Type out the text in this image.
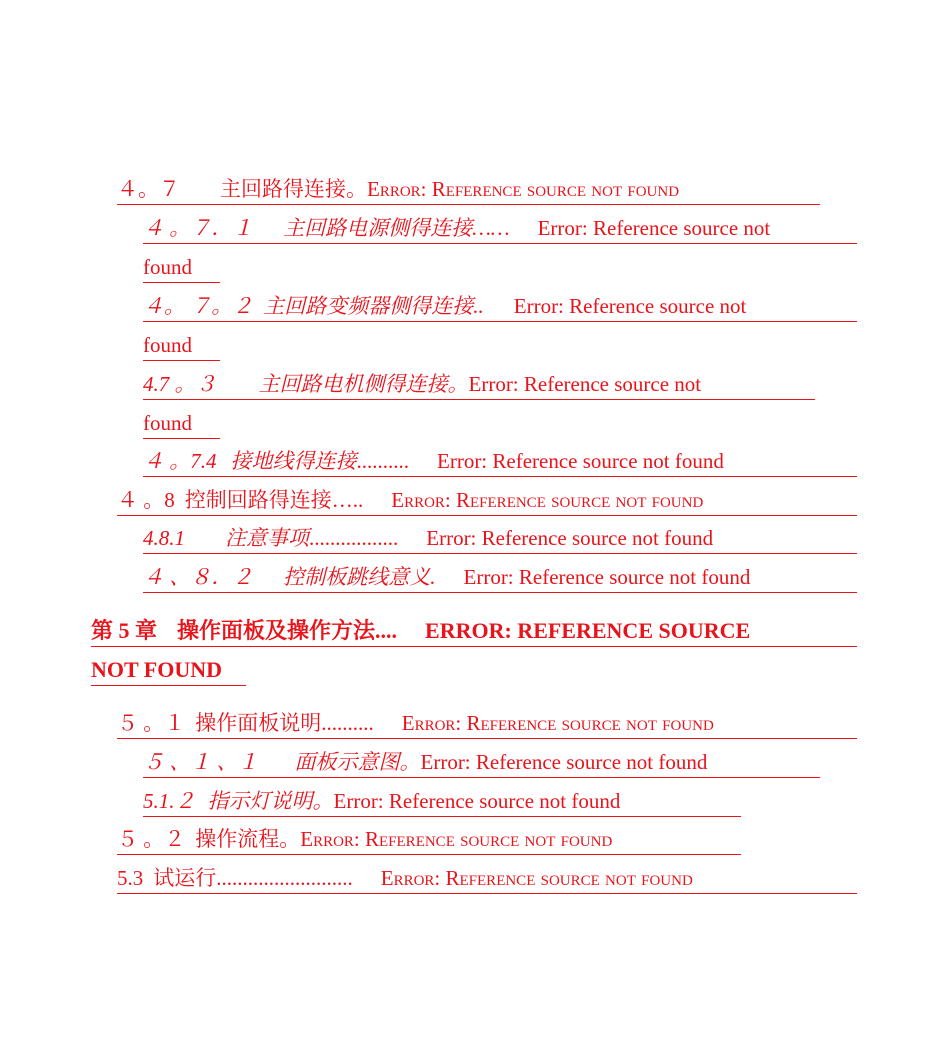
４。７ 主回路得连接。Error: Reference source not found
４ 。７．１ 主回路电源侧得连接…… Error: Reference source not
found
４。 ７。２ 主回路变频器侧得连接.. Error: Reference source not
found
4.7 。３ 主回路电机侧得连接。Error: Reference source not
found
４ 。7.4 接地线得连接.......... Error: Reference source not found
４ 。8 控制回路得连接….. Error: Reference source not found
4.8.1 注意事项................. Error: Reference source not found
４ 、８．２ 控制板跳线意义. Error: Reference source not found
第 5 章 操作面板及操作方法.... ERROR: REFERENCE SOURCE
NOT FOUND
５ 。１ 操作面板说明.......... Error: Reference source not found
５ 、１ 、１ 面板示意图。Error: Reference source not found
5.1.２ 指示灯说明。Error: Reference source not found
５ 。２ 操作流程。Error: Reference source not found
5.3 试运行.......................... Error: Reference source not found
